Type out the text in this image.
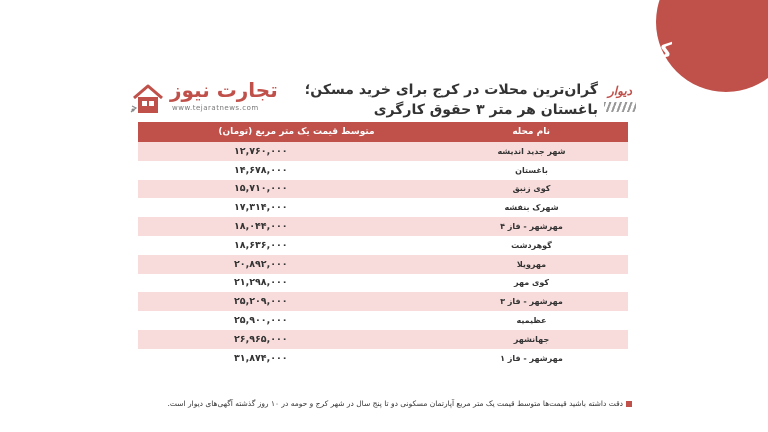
کرج
دیوار
گران‌ترین محلات در کرج برای خرید مسکن؛
باغستان هر متر ۳ حقوق کارگری
تجارت نیوز
www.tejaratnews.com
نام محله	متوسط قیمت یک متر مربع (تومان)
شهر جدید اندیشه	۱۲,۷۶۰,۰۰۰
باغستان	۱۴,۶۷۸,۰۰۰
کوی زنبق	۱۵,۷۱۰,۰۰۰
شهرک بنفشه	۱۷,۳۱۴,۰۰۰
مهرشهر - فاز ۴	۱۸,۰۴۴,۰۰۰
گوهردشت	۱۸,۶۳۶,۰۰۰
مهرویلا	۲۰,۸۹۲,۰۰۰
کوی مهر	۲۱,۲۹۸,۰۰۰
مهرشهر - فاز ۳	۲۵,۲۰۹,۰۰۰
عظیمیه	۲۵,۹۰۰,۰۰۰
جهانشهر	۲۶,۹۶۵,۰۰۰
مهرشهر - فاز ۱	۳۱,۸۷۴,۰۰۰
دقت داشته باشید قیمت‌ها متوسط قیمت یک متر مربع آپارتمان مسکونی دو تا پنج سال در شهر کرج و حومه در ۱۰ روز گذشته آگهی‌های دیوار است.
